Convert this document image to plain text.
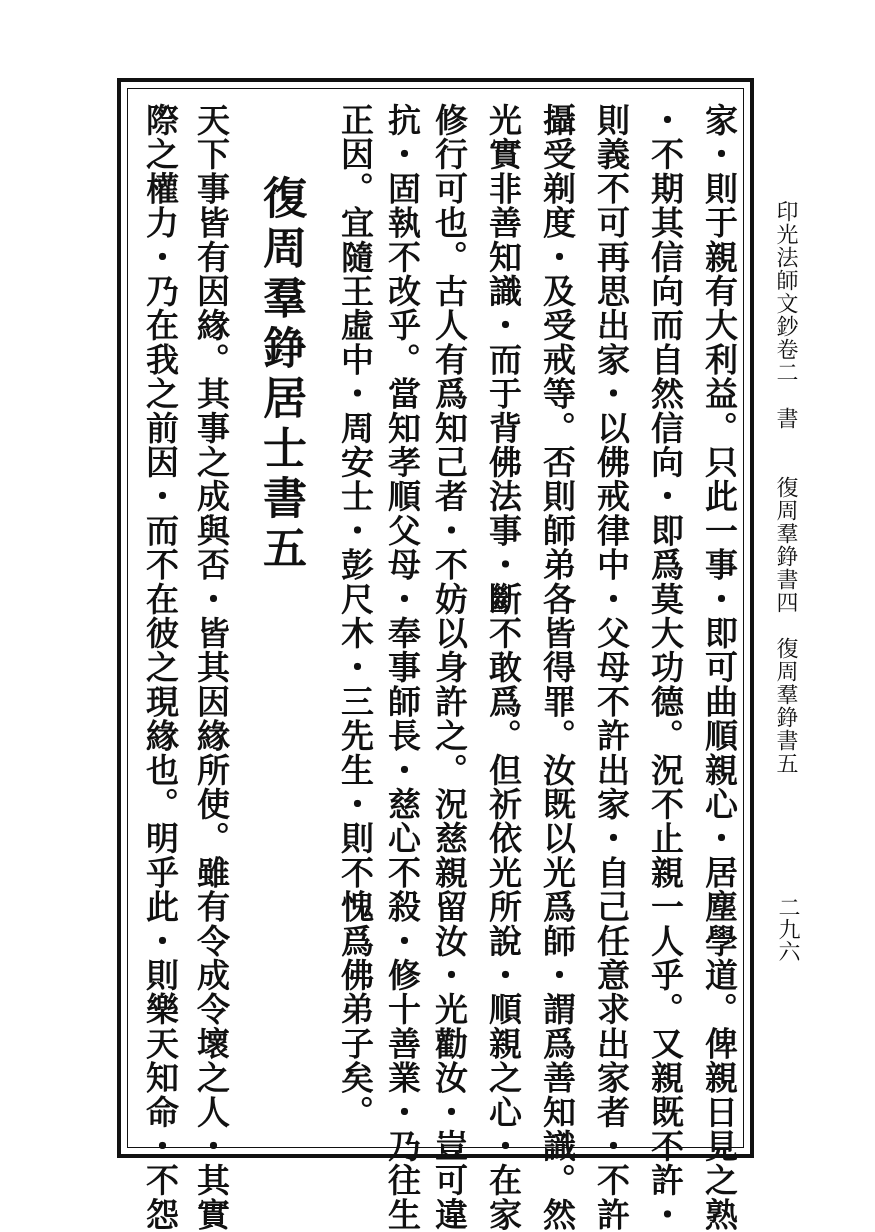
印光法師文鈔卷二　書　　復周羣錚書四　復周羣錚書五
二九六
家・則于親有大利益。只此一事・即可曲順親心・居塵學道。俾親日見之熟
・不期其信向而自然信向・即爲莫大功德。況不止親一人乎。又親既不許・
則義不可再思出家・以佛戒律中・父母不許出家・自己任意求出家者・不許
攝受剃度・及受戒等。否則師弟各皆得罪。汝既以光爲師・謂爲善知識。然
光實非善知識・而于背佛法事・斷不敢爲。但祈依光所說・順親之心・在家
修行可也。古人有爲知己者・不妨以身許之。況慈親留汝・光勸汝・豈可違
抗・固執不改乎。當知孝順父母・奉事師長・慈心不殺・修十善業・乃往生
正因。宜隨王虛中・周安士・彭尺木・三先生・則不愧爲佛弟子矣。
復周羣錚居士書五
天下事皆有因緣。其事之成與否・皆其因緣所使。雖有令成令壞之人・其實
際之權力・乃在我之前因・而不在彼之現緣也。明乎此・則樂天知命・不怨
